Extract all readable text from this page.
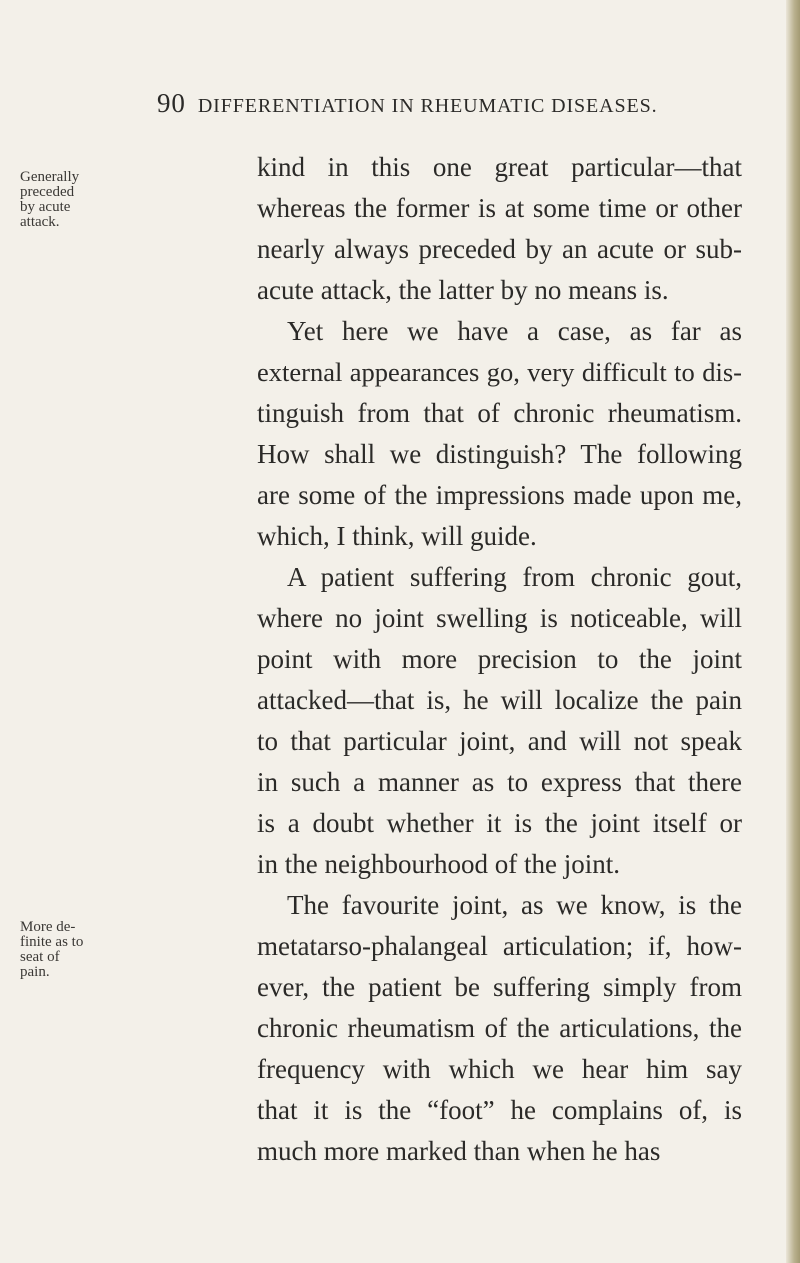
90 DIFFERENTIATION IN RHEUMATIC DISEASES.
Generally
preceded
by acute
attack.
More de-
finite as to
seat of
pain.
kind in this one great particular—that
whereas the former is at some time or other
nearly always preceded by an acute or sub-
acute attack, the latter by no means is.
Yet here we have a case, as far as
external appearances go, very difficult to dis-
tinguish from that of chronic rheumatism.
How shall we distinguish? The following
are some of the impressions made upon me,
which, I think, will guide.
A patient suffering from chronic gout,
where no joint swelling is noticeable, will
point with more precision to the joint
attacked—that is, he will localize the pain
to that particular joint, and will not speak
in such a manner as to express that there
is a doubt whether it is the joint itself or
in the neighbourhood of the joint.
The favourite joint, as we know, is the
metatarso-phalangeal articulation; if, how-
ever, the patient be suffering simply from
chronic rheumatism of the articulations, the
frequency with which we hear him say
that it is the “foot” he complains of, is
much more marked than when he has
